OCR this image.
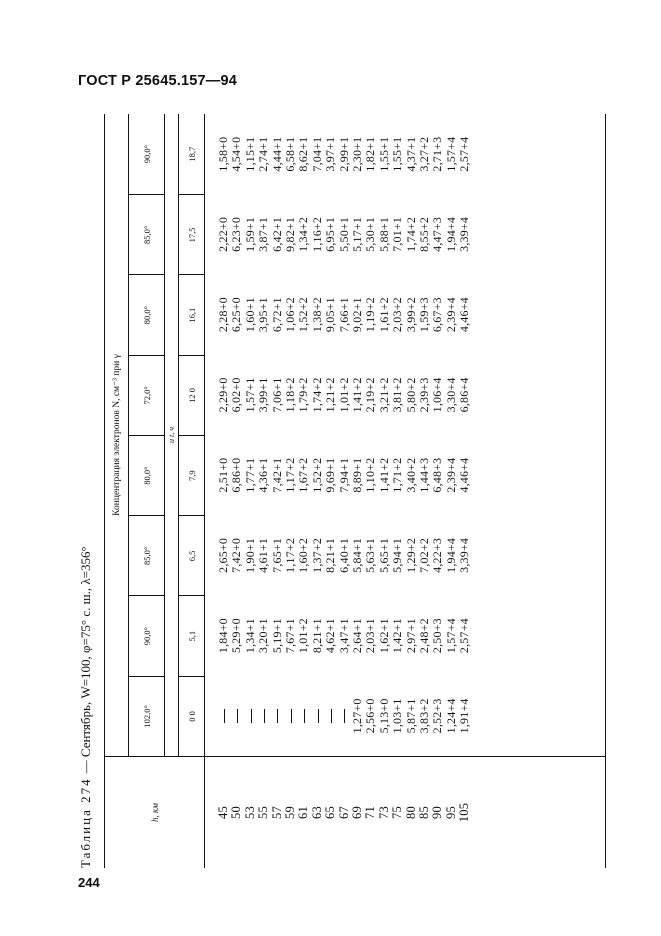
ГОСТ Р 25645.157—94
Таблица 274— Сентябрь, W=100, φ=75° с. ш., λ=356°
h, км
Концентрация электронов N, см⁻³ при γ
102,0°
90,0°
85,0°
80,0°
72,0°
80,0°
85,0°
90,0°
и t, ч
0 0
5,1
6,5
7,9
12 0
16,1
17,5
18,7
45 50 53 55 57 59 61 63 65 67 69 71 73 75 80 85 90 95 105
1,27+0 2,56+0 5,13+0 1,03+1 5,87+1 3,83+2 2,52+3 1,24+4 1,91+4
1,84+0 5,29+0 1,34+1 3,20+1 5,19+1 7,67+1 1,01+2 8,21+1 4,62+1 3,47+1 2,64+1 2,03+1 1,62+1 1,42+1 2,97+1 2,48+2 2,50+3 1,57+4 2,57+4
2,65+0 7,42+0 1,90+1 4,61+1 7,65+1 1,17+2 1,60+2 1,37+2 8,21+1 6,40+1 5,84+1 5,63+1 5,65+1 5,94+1 1,29+2 7,02+2 4,22+3 1,94+4 3,39+4
2,51+0 6,86+0 1,77+1 4,36+1 7,42+1 1,17+2 1,67+2 1,52+2 9,69+1 7,94+1 8,89+1 1,10+2 1,41+2 1,71+2 3,40+2 1,44+3 6,48+3 2,39+4 4,46+4
2,29+0 6,02+0 1,57+1 3,99+1 7,06+1 1,18+2 1,79+2 1,74+2 1,21+2 1,01+2 1,41+2 2,19+2 3,21+2 3,81+2 5,80+2 2,39+3 1,06+4 3,30+4 6,86+4
2,28+0 6,25+0 1,60+1 3,95+1 6,72+1 1,06+2 1,52+2 1,38+2 9,05+1 7,66+1 9,02+1 1,19+2 1,61+2 2,03+2 3,99+2 1,59+3 6,67+3 2,39+4 4,46+4
2,22+0 6,23+0 1,59+1 3,87+1 6,42+1 9,82+1 1,34+2 1,16+2 6,95+1 5,50+1 5,17+1 5,30+1 5,88+1 7,01+1 1,74+2 8,55+2 4,47+3 1,94+4 3,39+4
1,58+0 4,54+0 1,15+1 2,74+1 4,44+1 6,58+1 8,62+1 7,04+1 3,97+1 2,99+1 2,30+1 1,82+1 1,55+1 1,55+1 4,37+1 3,27+2 2,71+3 1,57+4 2,57+4
244
